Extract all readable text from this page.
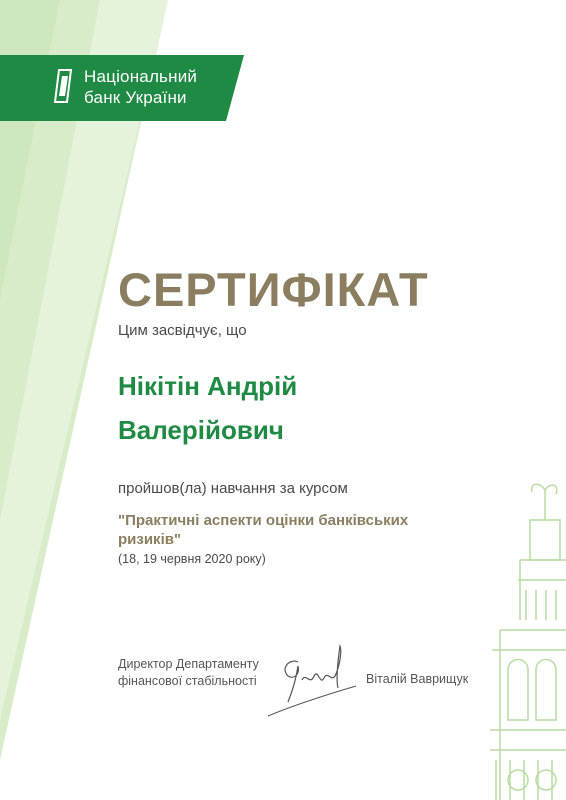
Національний
банк України
СЕРТИФІКАТ
Цим засвідчує, що
Нікітін Андрій
Валерійович
пройшов(ла) навчання за курсом
"Практичні аспекти оцінки банківських ризиків"
(18, 19 червня 2020 року)
Директор Департаменту
фінансової стабільності	Віталій Ваврищук
